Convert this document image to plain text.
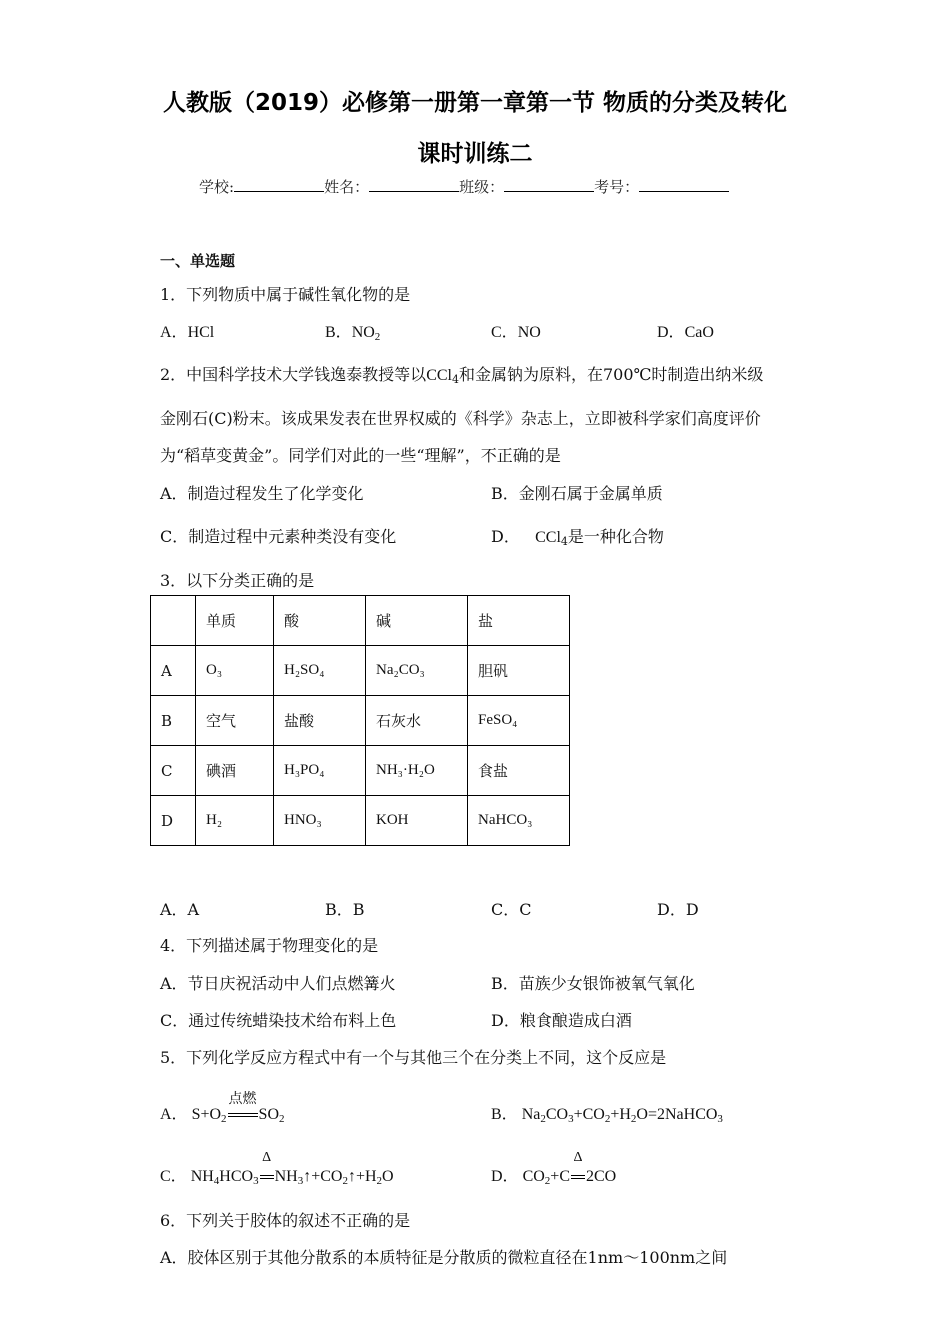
人教版（2019）必修第一册第一章第一节 物质的分类及转化
课时训练二
学校:	姓名：	班级：	考号：
一、单选题
1．下列物质中属于碱性氧化物的是
A．HCl	B．$NO_2$	C．NO	D．CaO
2．中国科学技术大学钱逸泰教授等以CCl$_4$和金属钠为原料，在700℃时制造出纳米级
金刚石(C)粉末。该成果发表在世界权威的《科学》杂志上，立即被科学家们高度评价
为“稻草变黄金”。同学们对此的一些“理解”，不正确的是
A．制造过程发生了化学变化	B．金刚石属于金属单质
C．制造过程中元素种类没有变化	D． CCl$_4$是一种化合物
3．以下分类正确的是
	单质	酸	碱	盐
A	O₃	H₂SO₄	Na₂CO₃	胆矾
B	空气	盐酸	石灰水	FeSO₄
C	碘酒	H₃PO₄	NH₃·H₂O	食盐
D	H₂	HNO₃	KOH	NaHCO₃
A．A	B．B	C．C	D．D
4．下列描述属于物理变化的是
A．节日庆祝活动中人们点燃篝火	B．苗族少女银饰被氧气氧化
C．通过传统蜡染技术给布料上色	D．粮食酿造成白酒
5．下列化学反应方程式中有一个与其他三个在分类上不同，这个反应是
A． $S+O_2$
点燃
$SO_2$	B． $Na_2CO_3+CO_2+H_2O=2NaHCO_3$
C． $NH_4HCO_3$
Δ
$NH_3↑+CO_2↑+H_2O$	D． $CO_2+C$
Δ
2CO
6．下列关于胶体的叙述不正确的是
A．胶体区别于其他分散系的本质特征是分散质的微粒直径在1nm～100nm之间
